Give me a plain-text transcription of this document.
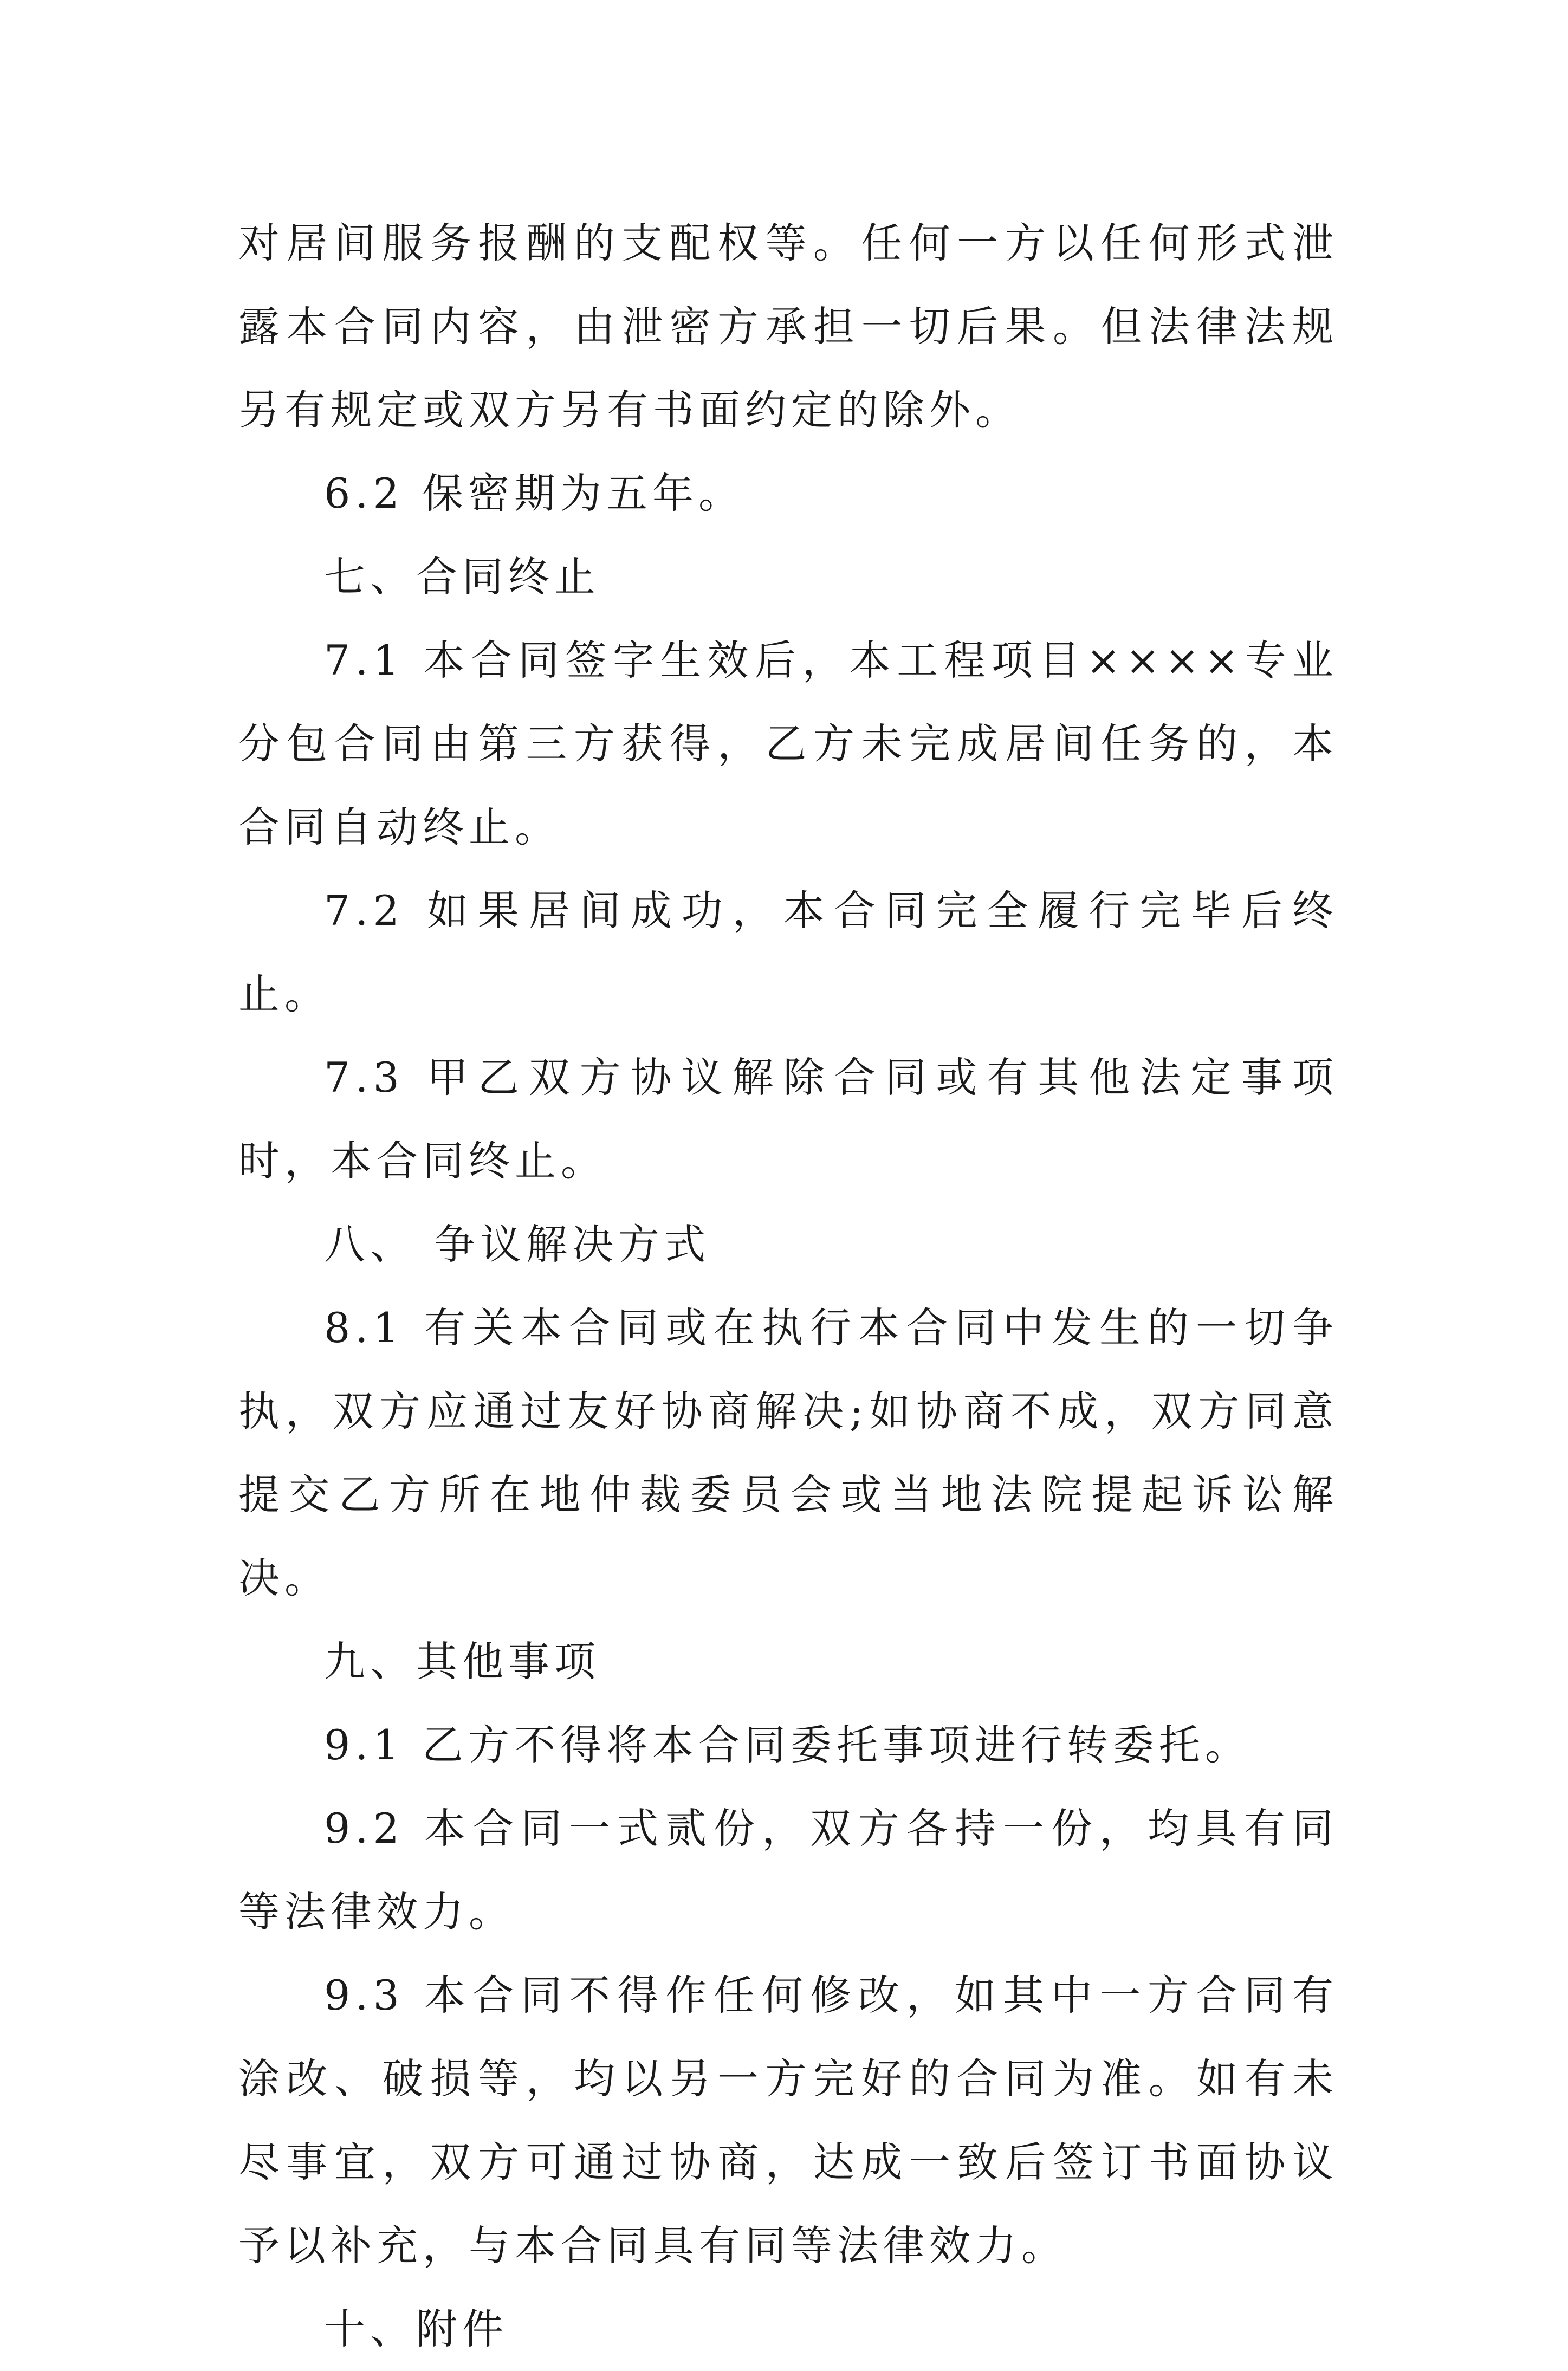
对居间服务报酬的支配权等。任何一方以任何形式泄露本合同内容，由泄密方承担一切后果。但法律法规另有规定或双方另有书面约定的除外。

6.2 保密期为五年。

七、合同终止

7.1 本合同签字生效后，本工程项目××××专业分包合同由第三方获得，乙方未完成居间任务的，本合同自动终止。

7.2 如果居间成功，本合同完全履行完毕后终止。

7.3 甲乙双方协议解除合同或有其他法定事项时，本合同终止。

八、 争议解决方式

8.1 有关本合同或在执行本合同中发生的一切争执，双方应通过友好协商解决;如协商不成，双方同意提交乙方所在地仲裁委员会或当地法院提起诉讼解决。

九、其他事项

9.1 乙方不得将本合同委托事项进行转委托。

9.2 本合同一式贰份，双方各持一份，均具有同等法律效力。

9.3 本合同不得作任何修改，如其中一方合同有涂改、破损等，均以另一方完好的合同为准。如有未尽事宜，双方可通过协商，达成一致后签订书面协议予以补充，与本合同具有同等法律效力。

十、附件
